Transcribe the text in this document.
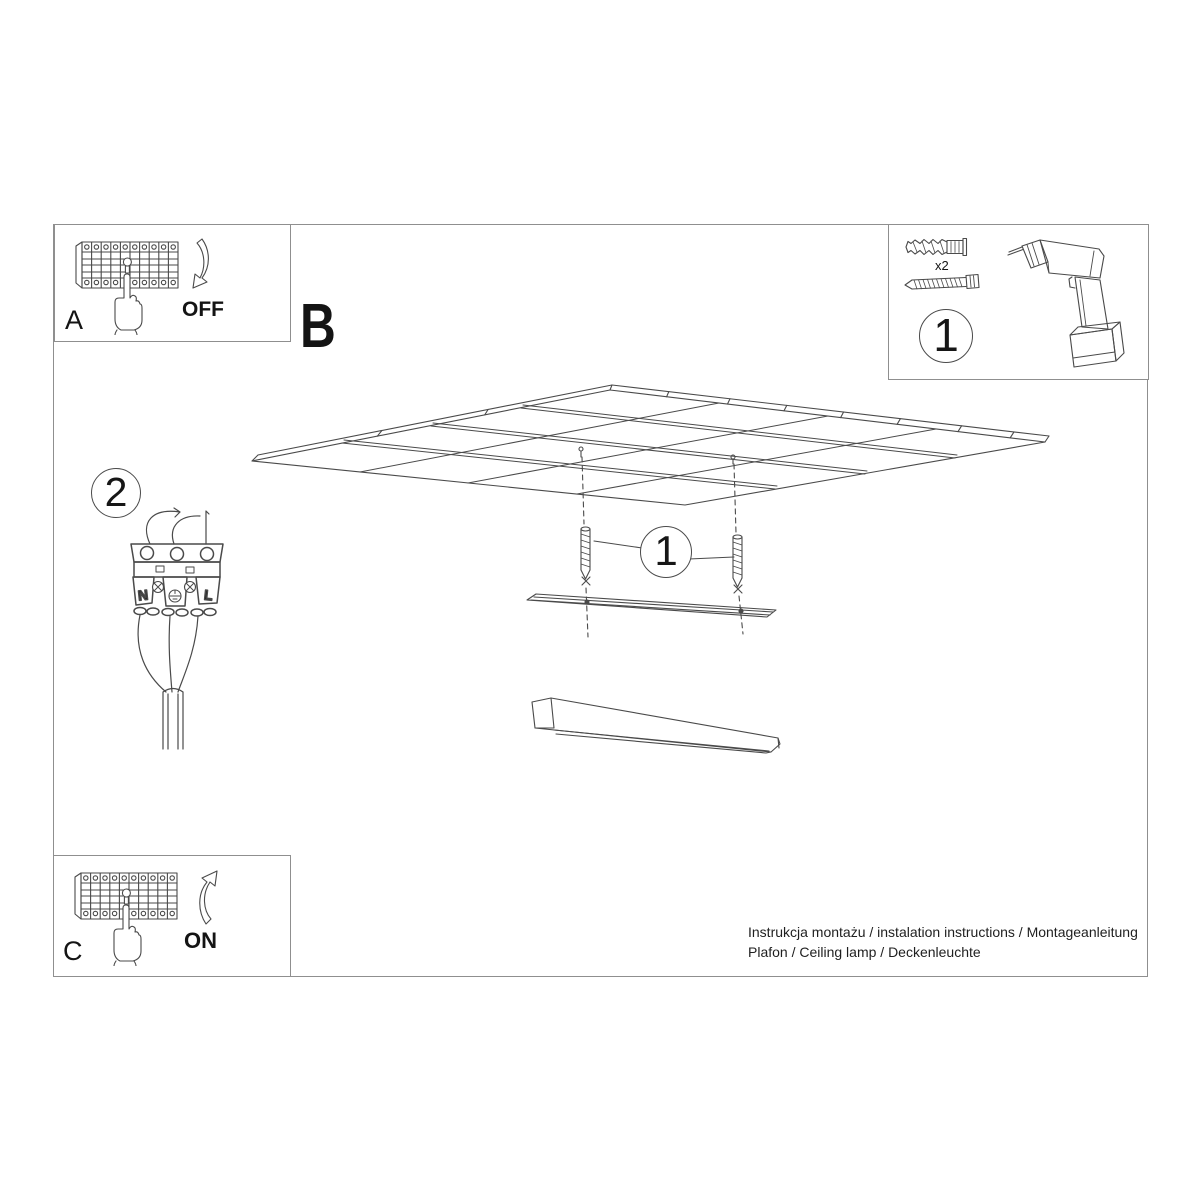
N	L
A	OFF B
x2
1
2
1
C	ON	Instrukcja montażu / instalation instructions / Montageanleitung
Plafon / Ceiling lamp / Deckenleuchte
